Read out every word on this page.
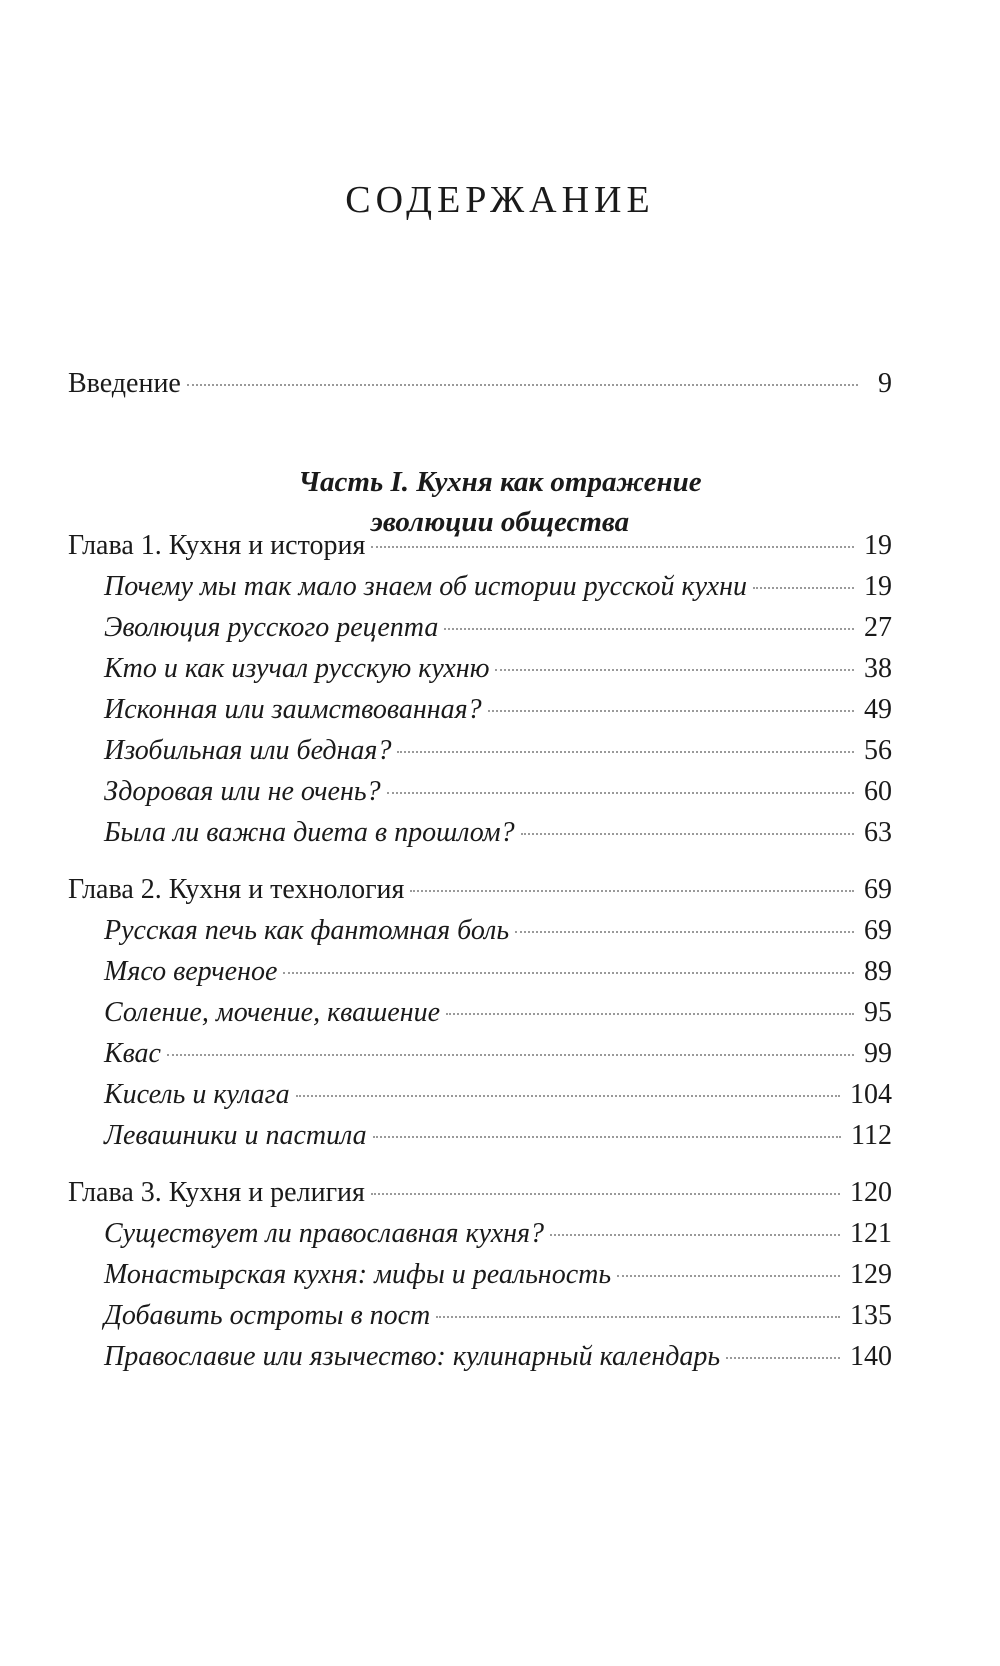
СОДЕРЖАНИЕ
Введение	9
Часть I. Кухня как отражение
эволюции общества
Глава 1. Кухня и история	19
Почему мы так мало знаем об истории русской кухни	19
Эволюция русского рецепта	27
Кто и как изучал русскую кухню	38
Исконная или заимствованная?	49
Изобильная или бедная?	56
Здоровая или не очень?	60
Была ли важна диета в прошлом?	63
Глава 2. Кухня и технология	69
Русская печь как фантомная боль	69
Мясо верченое	89
Соление, мочение, квашение	95
Квас	99
Кисель и кулага	104
Левашники и пастила	112
Глава 3. Кухня и религия	120
Существует ли православная кухня?	121
Монастырская кухня: мифы и реальность	129
Добавить остроты в пост	135
Православие или язычество: кулинарный календарь	140
